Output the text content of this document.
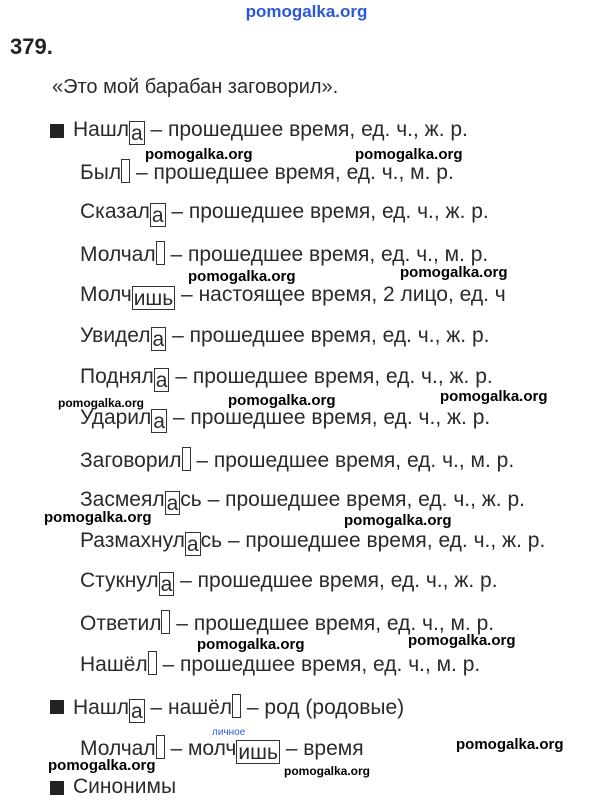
pomogalka.org
379.
«Это мой барабан заговорил».
Нашла – прошедшее время, ед. ч., ж. р.
Был – прошедшее время, ед. ч., м. р.
Сказала – прошедшее время, ед. ч., ж. р.
Молчал – прошедшее время, ед. ч., м. р.
Молчишь – настоящее время, 2 лицо, ед. ч
Увидела – прошедшее время, ед. ч., ж. р.
Подняла – прошедшее время, ед. ч., ж. р.
Ударила – прошедшее время, ед. ч., ж. р.
Заговорил – прошедшее время, ед. ч., м. р.
Засмеялась – прошедшее время, ед. ч., ж. р.
Размахнулась – прошедшее время, ед. ч., ж. р.
Стукнула – прошедшее время, ед. ч., ж. р.
Ответил – прошедшее время, ед. ч., м. р.
Нашёл – прошедшее время, ед. ч., м. р.
Нашла – нашёл – род (родовые)
личное
Молчал – молчишь – время
Синонимы
pomogalka.org	pomogalka.org
pomogalka.org	pomogalka.org
pomogalka.org	pomogalka.org	pomogalka.org
pomogalka.org	pomogalka.org
pomogalka.org	pomogalka.org
pomogalka.org
pomogalka.org	pomogalka.org
